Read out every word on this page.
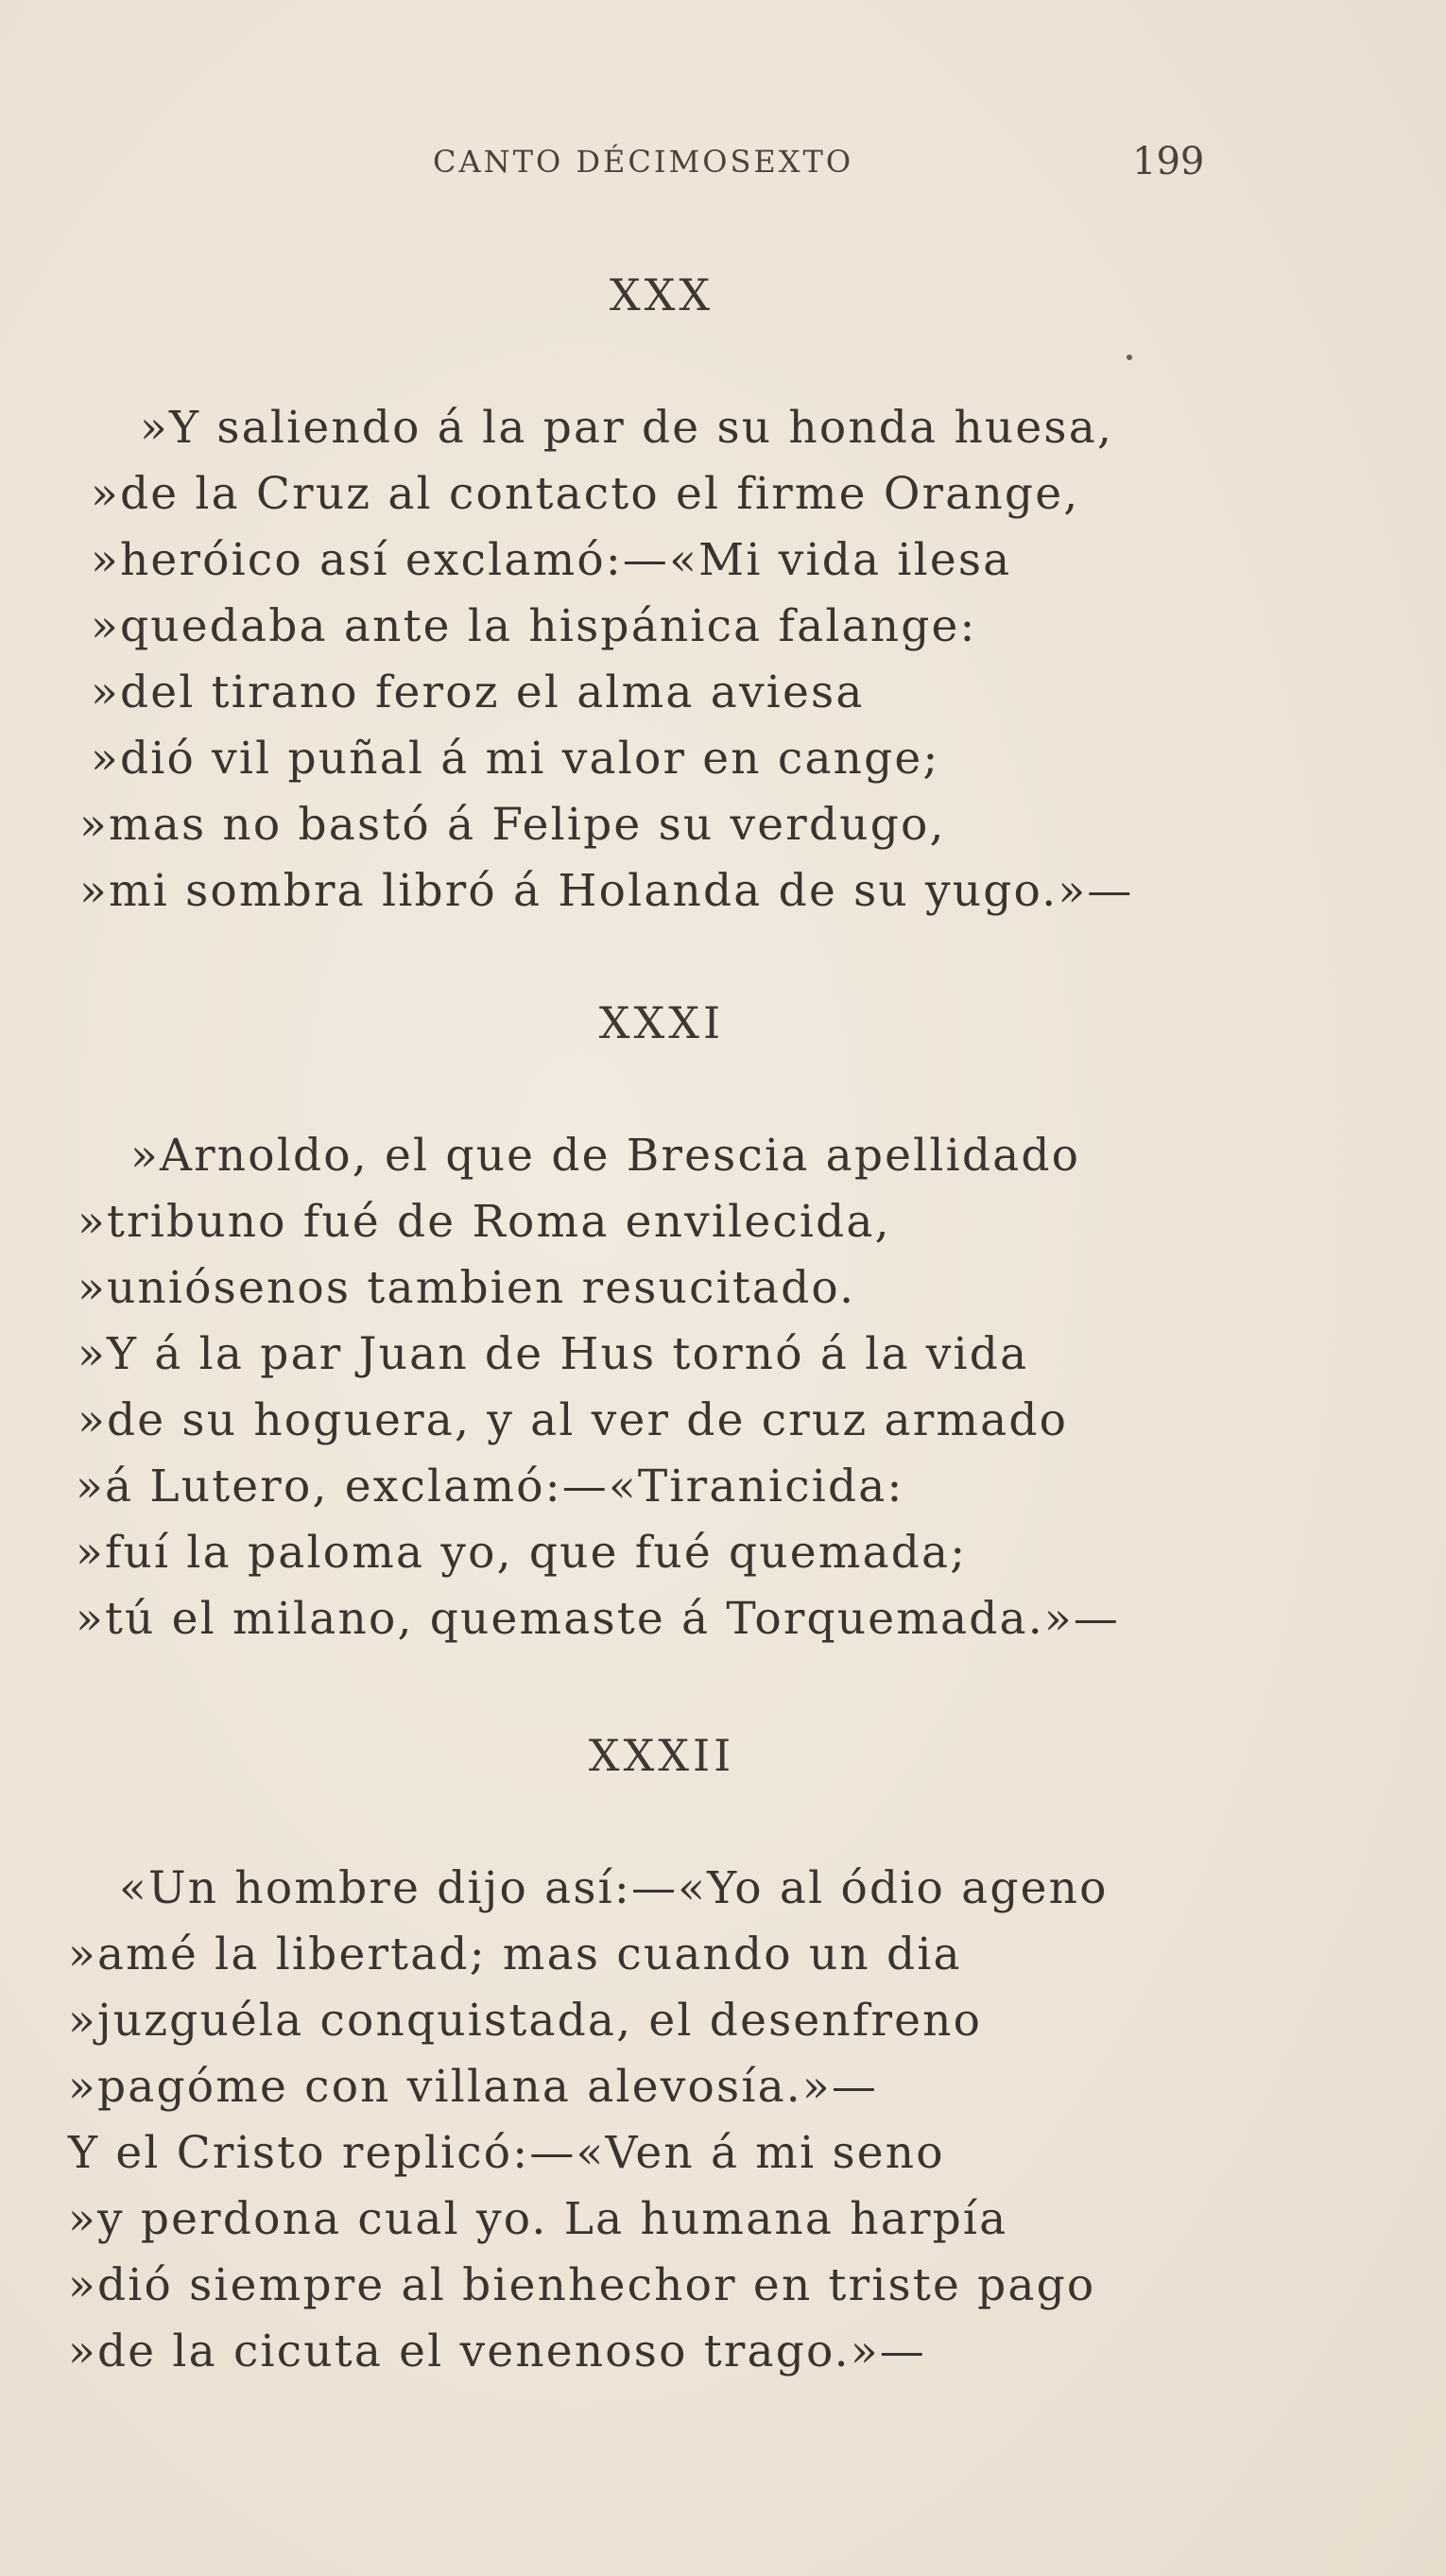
CANTO DÉCIMOSEXTO	199
XXX
»Y saliendo á la par de su honda huesa,
»de la Cruz al contacto el firme Orange,
»heróico así exclamó:—«Mi vida ilesa
»quedaba ante la hispánica falange:
»del tirano feroz el alma aviesa
»dió vil puñal á mi valor en cange;
»mas no bastó á Felipe su verdugo,
»mi sombra libró á Holanda de su yugo.»—
XXXI
»Arnoldo, el que de Brescia apellidado
»tribuno fué de Roma envilecida,
»uniósenos tambien resucitado.
»Y á la par Juan de Hus tornó á la vida
»de su hoguera, y al ver de cruz armado
»á Lutero, exclamó:—«Tiranicida:
»fuí la paloma yo, que fué quemada;
»tú el milano, quemaste á Torquemada.»—
XXXII
«Un hombre dijo así:—«Yo al ódio ageno
»amé la libertad; mas cuando un dia
»juzguéla conquistada, el desenfreno
»pagóme con villana alevosía.»—
Y el Cristo replicó:—«Ven á mi seno
»y perdona cual yo. La humana harpía
»dió siempre al bienhechor en triste pago
»de la cicuta el venenoso trago.»—
